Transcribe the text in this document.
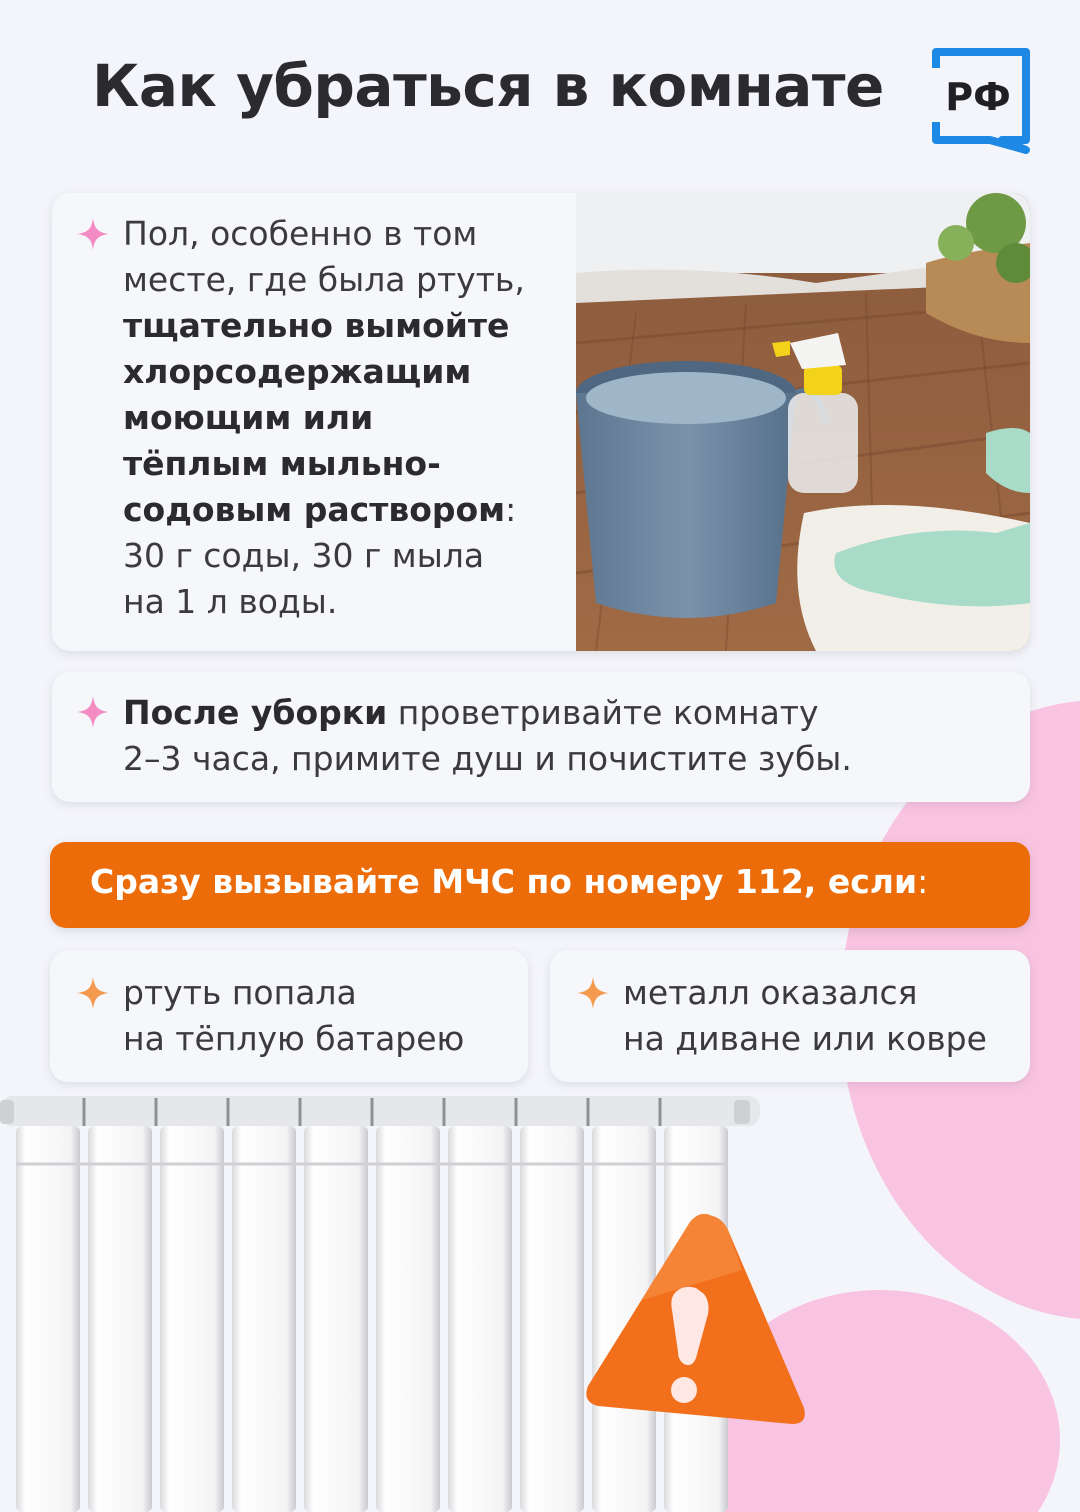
Как убраться в комнате РФ
Пол, особенно в том
месте, где была ртуть,
тщательно вымойте
хлорсодержащим
моющим или
тёплым мыльно-
содовым раствором:
30 г соды, 30 г мыла
на 1 л воды.
После уборки проветривайте комнату
2–3 часа, примите душ и почистите зубы.
Сразу вызывайте МЧС по номеру 112, если:
ртуть попала
на тёплую батарею
металл оказался
на диване или ковре
